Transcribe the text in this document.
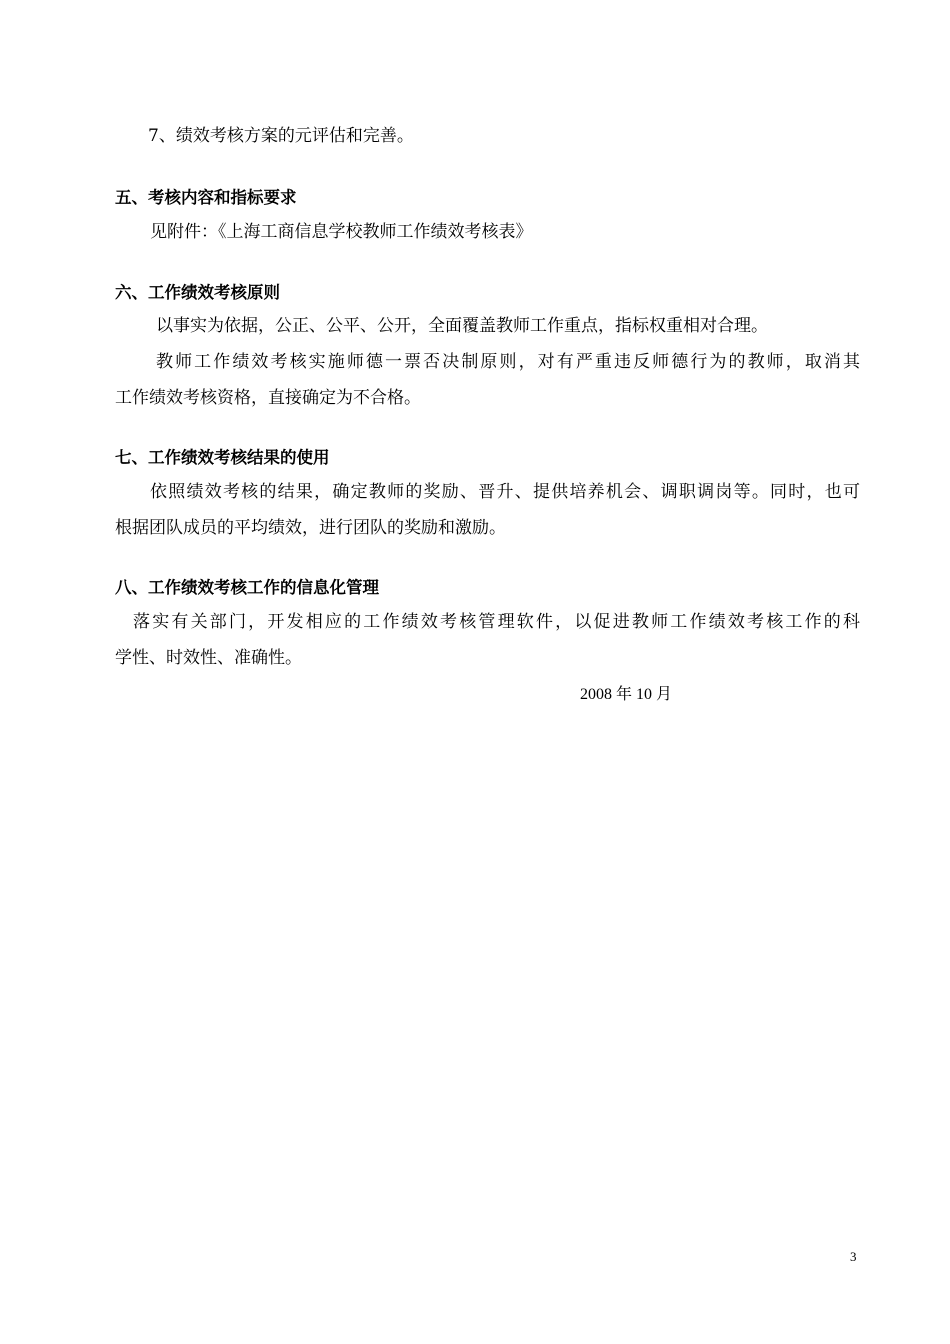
7、绩效考核方案的元评估和完善。
五、考核内容和指标要求
见附件：《上海工商信息学校教师工作绩效考核表》
六、工作绩效考核原则
以事实为依据，公正、公平、公开，全面覆盖教师工作重点，指标权重相对合理。
教师工作绩效考核实施师德一票否决制原则，对有严重违反师德行为的教师，取消其
工作绩效考核资格，直接确定为不合格。
七、工作绩效考核结果的使用
依照绩效考核的结果，确定教师的奖励、晋升、提供培养机会、调职调岗等。同时，也可
根据团队成员的平均绩效，进行团队的奖励和激励。
八、工作绩效考核工作的信息化管理
落实有关部门，开发相应的工作绩效考核管理软件，以促进教师工作绩效考核工作的科
学性、时效性、准确性。
2008 年 10 月
3
